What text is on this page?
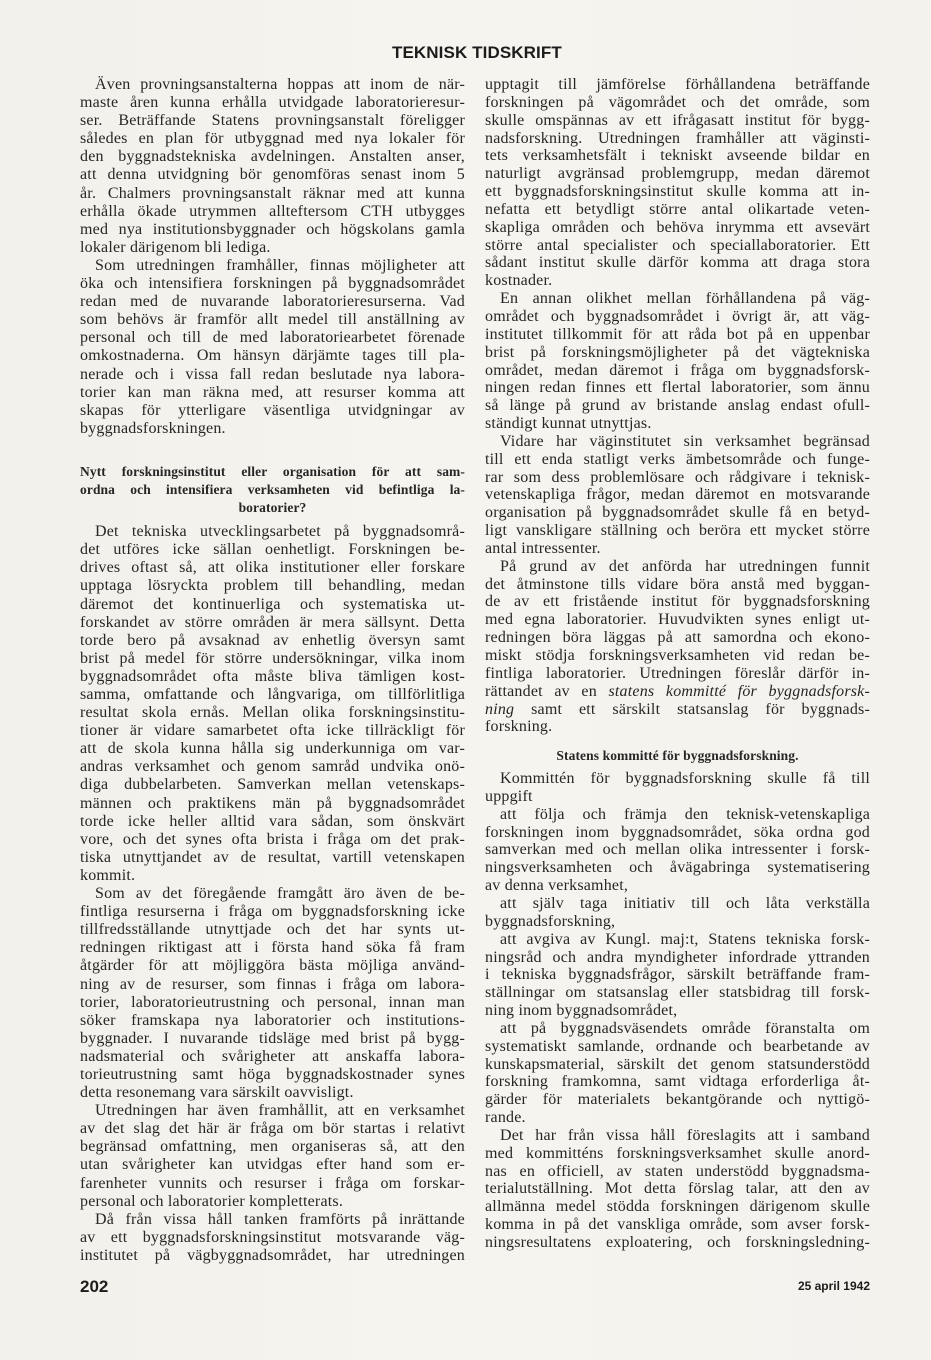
TEKNISK TIDSKRIFT
Även provningsanstalterna hoppas att inom de när-
maste åren kunna erhålla utvidgade laboratorieresur-
ser. Beträffande Statens provningsanstalt föreligger
således en plan för utbyggnad med nya lokaler för
den byggnadstekniska avdelningen. Anstalten anser,
att denna utvidgning bör genomföras senast inom 5
år. Chalmers provningsanstalt räknar med att kunna
erhålla ökade utrymmen allteftersom CTH utbygges
med nya institutionsbyggnader och högskolans gamla
lokaler därigenom bli lediga.
Som utredningen framhåller, finnas möjligheter att
öka och intensifiera forskningen på byggnadsområdet
redan med de nuvarande laboratorieresurserna. Vad
som behövs är framför allt medel till anställning av
personal och till de med laboratoriearbetet förenade
omkostnaderna. Om hänsyn därjämte tages till pla-
nerade och i vissa fall redan beslutade nya labora-
torier kan man räkna med, att resurser komma att
skapas för ytterligare väsentliga utvidgningar av
byggnadsforskningen.
Nytt forskningsinstitut eller organisation för att sam-
ordna och intensifiera verksamheten vid befintliga la-
boratorier?
Det tekniska utvecklingsarbetet på byggnadsområ-
det utföres icke sällan oenhetligt. Forskningen be-
drives oftast så, att olika institutioner eller forskare
upptaga lösryckta problem till behandling, medan
däremot det kontinuerliga och systematiska ut-
forskandet av större områden är mera sällsynt. Detta
torde bero på avsaknad av enhetlig översyn samt
brist på medel för större undersökningar, vilka inom
byggnadsområdet ofta måste bliva tämligen kost-
samma, omfattande och långvariga, om tillförlitliga
resultat skola ernås. Mellan olika forskningsinstitu-
tioner är vidare samarbetet ofta icke tillräckligt för
att de skola kunna hålla sig underkunniga om var-
andras verksamhet och genom samråd undvika onö-
diga dubbelarbeten. Samverkan mellan vetenskaps-
männen och praktikens män på byggnadsområdet
torde icke heller alltid vara sådan, som önskvärt
vore, och det synes ofta brista i fråga om det prak-
tiska utnyttjandet av de resultat, vartill vetenskapen
kommit.
Som av det föregående framgått äro även de be-
fintliga resurserna i fråga om byggnadsforskning icke
tillfredsställande utnyttjade och det har synts ut-
redningen riktigast att i första hand söka få fram
åtgärder för att möjliggöra bästa möjliga använd-
ning av de resurser, som finnas i fråga om labora-
torier, laboratorieutrustning och personal, innan man
söker framskapa nya laboratorier och institutions-
byggnader. I nuvarande tidsläge med brist på bygg-
nadsmaterial och svårigheter att anskaffa labora-
torieutrustning samt höga byggnadskostnader synes
detta resonemang vara särskilt oavvisligt.
Utredningen har även framhållit, att en verksamhet
av det slag det här är fråga om bör startas i relativt
begränsad omfattning, men organiseras så, att den
utan svårigheter kan utvidgas efter hand som er-
farenheter vunnits och resurser i fråga om forskar-
personal och laboratorier kompletterats.
Då från vissa håll tanken framförts på inrättande
av ett byggnadsforskningsinstitut motsvarande väg-
institutet på vägbyggnadsområdet, har utredningen
upptagit till jämförelse förhållandena beträffande
forskningen på vägområdet och det område, som
skulle omspännas av ett ifrågasatt institut för bygg-
nadsforskning. Utredningen framhåller att väginsti-
tets verksamhetsfält i tekniskt avseende bildar en
naturligt avgränsad problemgrupp, medan däremot
ett byggnadsforskningsinstitut skulle komma att in-
nefatta ett betydligt större antal olikartade veten-
skapliga områden och behöva inrymma ett avsevärt
större antal specialister och speciallaboratorier. Ett
sådant institut skulle därför komma att draga stora
kostnader.
En annan olikhet mellan förhållandena på väg-
området och byggnadsområdet i övrigt är, att väg-
institutet tillkommit för att råda bot på en uppenbar
brist på forskningsmöjligheter på det vägtekniska
området, medan däremot i fråga om byggnadsforsk-
ningen redan finnes ett flertal laboratorier, som ännu
så länge på grund av bristande anslag endast ofull-
ständigt kunnat utnyttjas.
Vidare har väginstitutet sin verksamhet begränsad
till ett enda statligt verks ämbetsområde och funge-
rar som dess problemlösare och rådgivare i teknisk-
vetenskapliga frågor, medan däremot en motsvarande
organisation på byggnadsområdet skulle få en betyd-
ligt vanskligare ställning och beröra ett mycket större
antal intressenter.
På grund av det anförda har utredningen funnit
det åtminstone tills vidare böra anstå med byggan-
de av ett fristående institut för byggnadsforskning
med egna laboratorier. Huvudvikten synes enligt ut-
redningen böra läggas på att samordna och ekono-
miskt stödja forskningsverksamheten vid redan be-
fintliga laboratorier. Utredningen föreslår därför in-
rättandet av en statens kommitté för byggnadsforsk-
ning samt ett särskilt statsanslag för byggnads-
forskning.
Statens kommitté för byggnadsforskning.
Kommittén för byggnadsforskning skulle få till
uppgift
att följa och främja den teknisk-vetenskapliga
forskningen inom byggnadsområdet, söka ordna god
samverkan med och mellan olika intressenter i forsk-
ningsverksamheten och åvägabringa systematisering
av denna verksamhet,
att själv taga initiativ till och låta verkställa
byggnadsforskning,
att avgiva av Kungl. maj:t, Statens tekniska forsk-
ningsråd och andra myndigheter infordrade yttranden
i tekniska byggnadsfrågor, särskilt beträffande fram-
ställningar om statsanslag eller statsbidrag till forsk-
ning inom byggnadsområdet,
att på byggnadsväsendets område föranstalta om
systematiskt samlande, ordnande och bearbetande av
kunskapsmaterial, särskilt det genom statsunderstödd
forskning framkomna, samt vidtaga erforderliga åt-
gärder för materialets bekantgörande och nyttigö-
rande.
Det har från vissa håll föreslagits att i samband
med kommitténs forskningsverksamhet skulle anord-
nas en officiell, av staten understödd byggnadsma-
terialutställning. Mot detta förslag talar, att den av
allmänna medel stödda forskningen därigenom skulle
komma in på det vanskliga område, som avser forsk-
ningsresultatens exploatering, och forskningsledning-
202	25 april 1942
